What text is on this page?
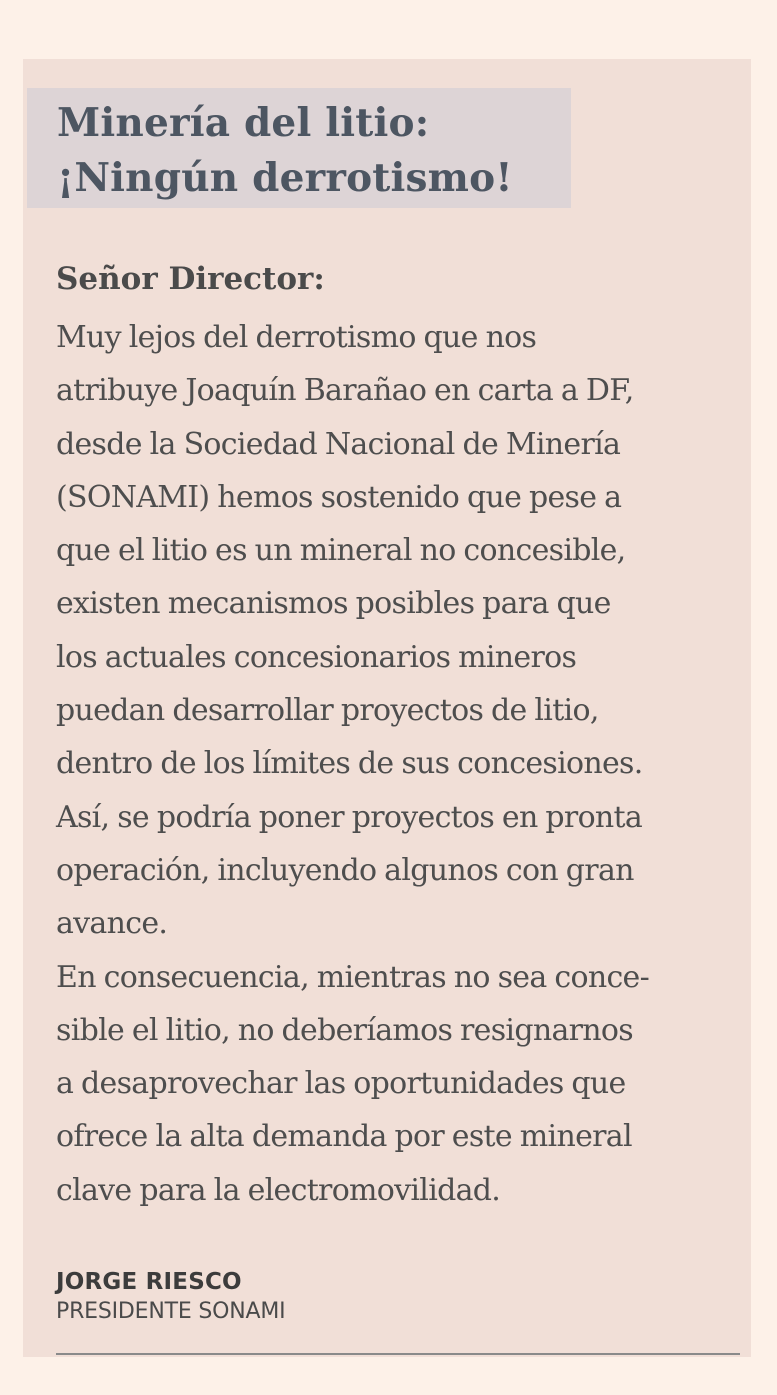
Minería del litio:
¡Ningún derrotismo!

Señor Director:

Muy lejos del derrotismo que nos
atribuye Joaquín Barañao en carta a DF,
desde la Sociedad Nacional de Minería
(SONAMI) hemos sostenido que pese a
que el litio es un mineral no concesible,
existen mecanismos posibles para que
los actuales concesionarios mineros
puedan desarrollar proyectos de litio,
dentro de los límites de sus concesiones.
Así, se podría poner proyectos en pronta
operación, incluyendo algunos con gran
avance.
En consecuencia, mientras no sea conce-
sible el litio, no deberíamos resignarnos
a desaprovechar las oportunidades que
ofrece la alta demanda por este mineral
clave para la electromovilidad.
JORGE RIESCO
PRESIDENTE SONAMI
